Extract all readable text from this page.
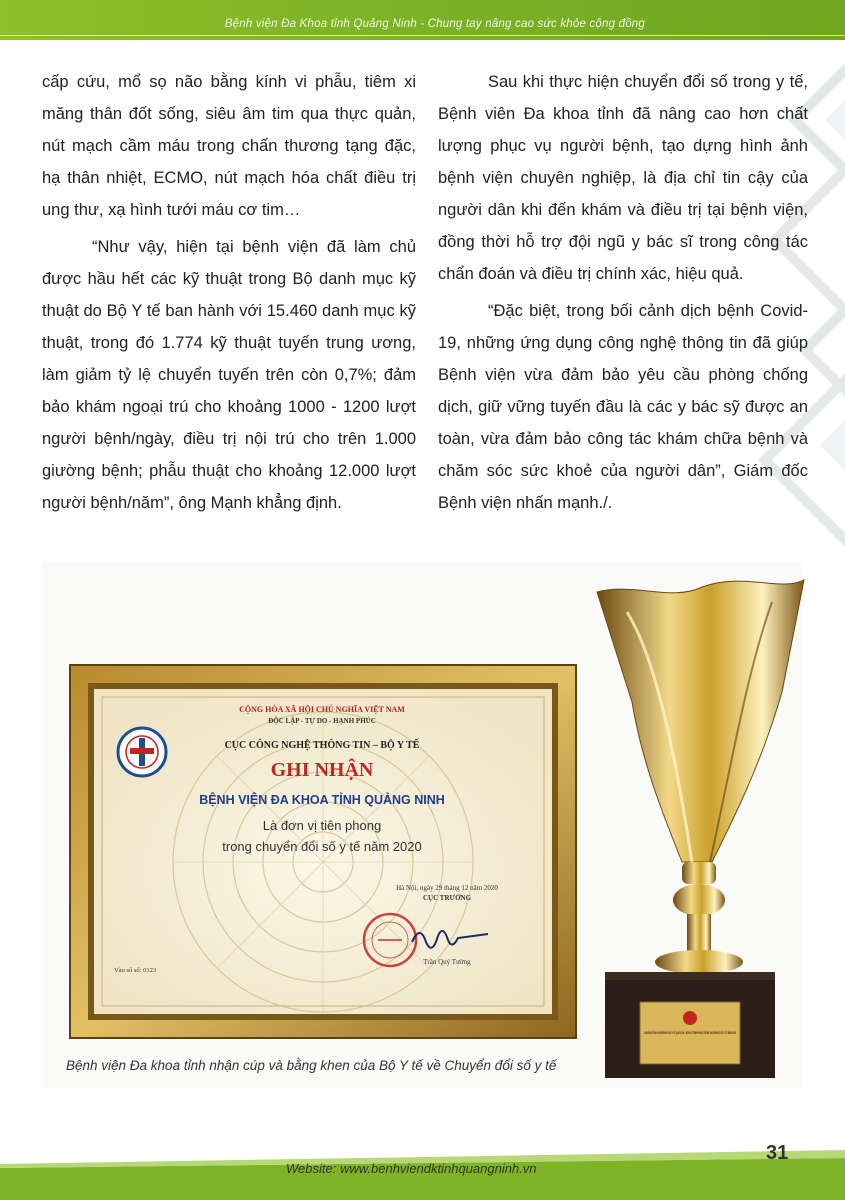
Bệnh viện Đa Khoa tỉnh Quảng Ninh - Chung tay nâng cao sức khỏe cộng đồng

cấp cứu, mổ sọ não bằng kính vi phẫu, tiêm xi măng thân đốt sống, siêu âm tim qua thực quản, nút mạch cầm máu trong chấn thương tạng đặc, hạ thân nhiệt, ECMO, nút mạch hóa chất điều trị ung thư, xạ hình tưới máu cơ tim…

“Như vậy, hiện tại bệnh viện đã làm chủ được hầu hết các kỹ thuật trong Bộ danh mục kỹ thuật do Bộ Y tế ban hành với 15.460 danh mục kỹ thuật, trong đó 1.774 kỹ thuật tuyến trung ương, làm giảm tỷ lệ chuyển tuyến trên còn 0,7%; đảm bảo khám ngoại trú cho khoảng 1000 - 1200 lượt người bệnh/ngày, điều trị nội trú cho trên 1.000 giường bệnh; phẫu thuật cho khoảng 12.000 lượt người bệnh/năm”, ông Mạnh khẳng định.

Sau khi thực hiện chuyển đổi số trong y tế, Bệnh viên Đa khoa tỉnh đã nâng cao hơn chất lượng phục vụ người bệnh, tạo dựng hình ảnh bệnh viện chuyên nghiệp, là địa chỉ tin cậy của người dân khi đến khám và điều trị tại bệnh viện, đồng thời hỗ trợ đội ngũ y bác sĩ trong công tác chẩn đoán và điều trị chính xác, hiệu quả.

“Đặc biệt, trong bối cảnh dịch bệnh Covid-19, những ứng dụng công nghệ thông tin đã giúp Bệnh viện vừa đảm bảo yêu cầu phòng chống dịch, giữ vững tuyến đầu là các y bác sỹ được an toàn, vừa đảm bảo công tác khám chữa bệnh và chăm sóc sức khoẻ của người dân”, Giám đốc Bệnh viện nhấn mạnh./.

CỘNG HÒA XÃ HỘI CHỦ NGHĨA VIỆT NAM
ĐỘC LẬP - TỰ DO - HẠNH PHÚC
CỤC CÔNG NGHỆ THÔNG TIN – BỘ Y TẾ
GHI NHẬN
BỆNH VIỆN ĐA KHOA TỈNH QUẢNG NINH
Là đơn vị tiên phong
trong chuyển đổi số y tế năm 2020
Hà Nội, ngày 29 tháng 12 năm 2020
CỤC TRƯỞNG
Trần Quý Tường
Vào sổ số: 0123
Bệnh viện Đa khoa tỉnh nhận cúp và bằng khen của Bộ Y tế về Chuyển đổi số y tế
Website: www.benhviendktinhquangninh.vn
31
